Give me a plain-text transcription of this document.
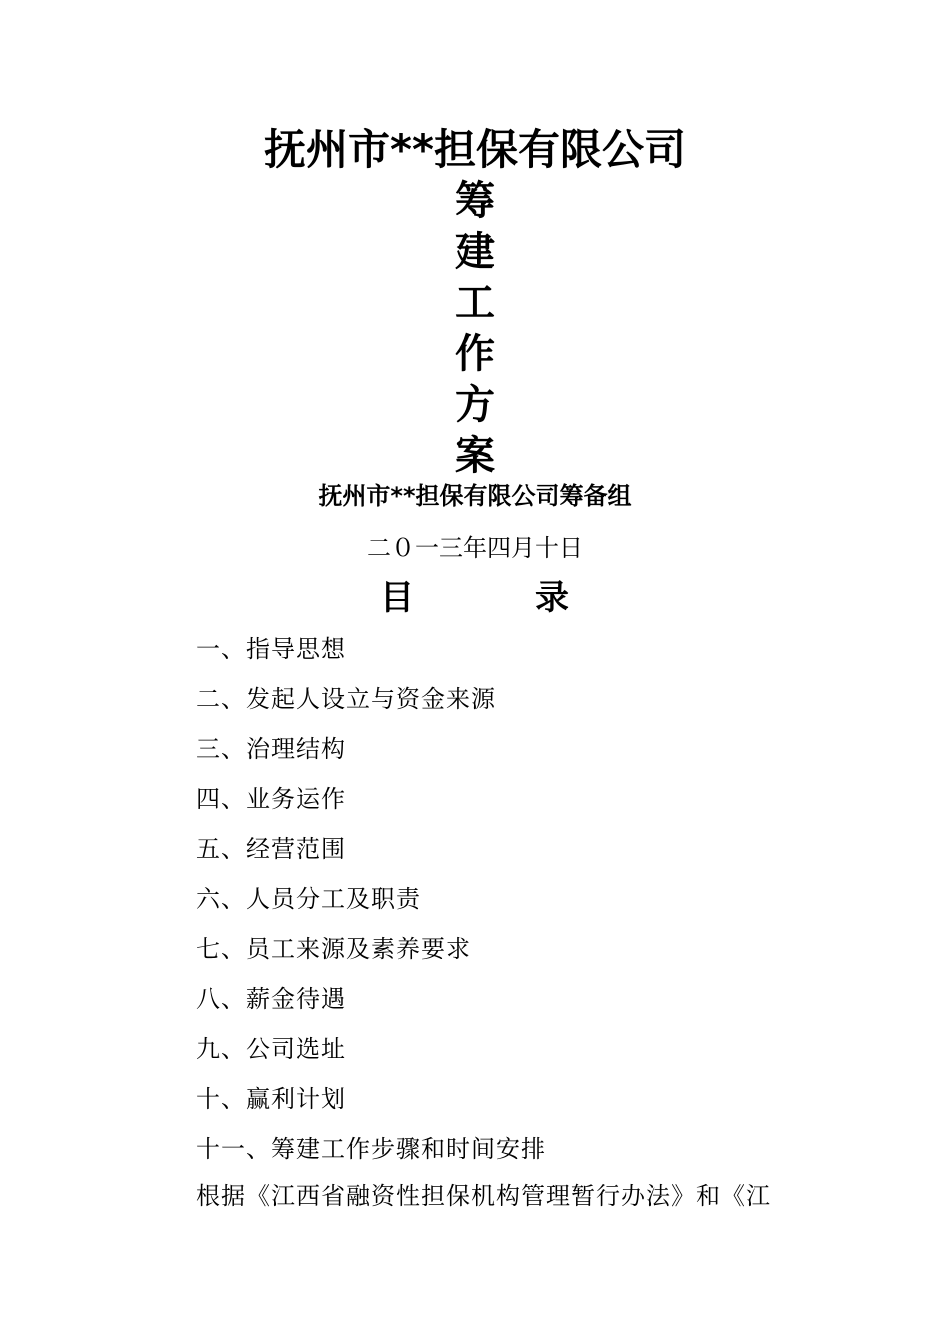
抚州市**担保有限公司
筹
建
工
作
方
案
抚州市**担保有限公司筹备组
二０一三年四月十日
目	录
一、指导思想
二、发起人设立与资金来源
三、治理结构
四、业务运作
五、经营范围
六、人员分工及职责
七、员工来源及素养要求
八、薪金待遇
九、公司选址
十、赢利计划
十一、筹建工作步骤和时间安排
根据《江西省融资性担保机构管理暂行办法》和《江
